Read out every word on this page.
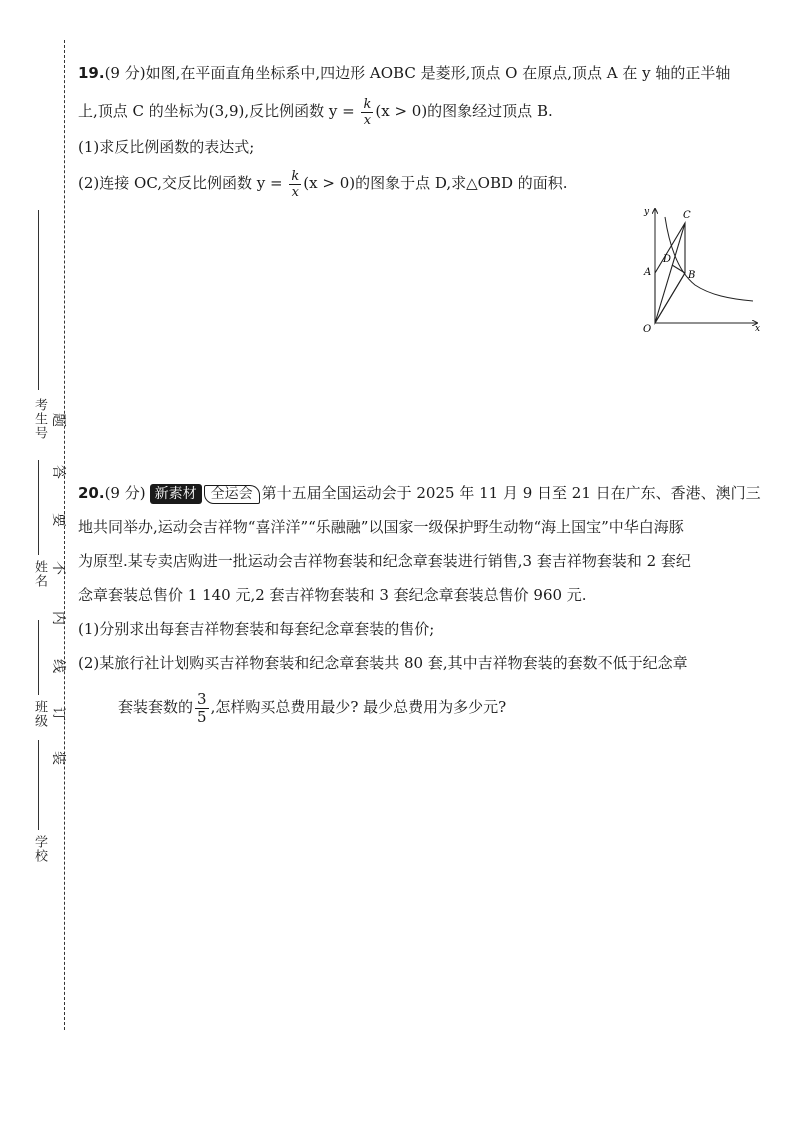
考生号
姓名
班级
学校
题
答
要
不
内
线
订
装
19.(9 分)如图,在平面直角坐标系中,四边形 AOBC 是菱形,顶点 O 在原点,顶点 A 在 y 轴的正半轴
上,顶点 C 的坐标为(3,9),反比例函数 $y = \frac{k}{x} (x > 0)$的图象经过顶点 B.
(1)求反比例函数的表达式;
(2)连接 OC,交反比例函数 $y = \frac{k}{x} (x > 0)$的图象于点 D,求△OBD 的面积.
y
x
O
A	B
C
D
20.(9 分) 新素材 全运会 第十五届全国运动会于 2025 年 11 月 9 日至 21 日在广东、香港、澳门三
地共同举办,运动会吉祥物“喜洋洋”“乐融融”以国家一级保护野生动物“海上国宝”中华白海豚
为原型.某专卖店购进一批运动会吉祥物套装和纪念章套装进行销售,3 套吉祥物套装和 2 套纪
念章套装总售价 1 140 元,2 套吉祥物套装和 3 套纪念章套装总售价 960 元.
(1)分别求出每套吉祥物套装和每套纪念章套装的售价;
(2)某旅行社计划购买吉祥物套装和纪念章套装共 80 套,其中吉祥物套装的套数不低于纪念章
套装套数的 $\frac{3}{5}$ ,怎样购买总费用最少? 最少总费用为多少元?
